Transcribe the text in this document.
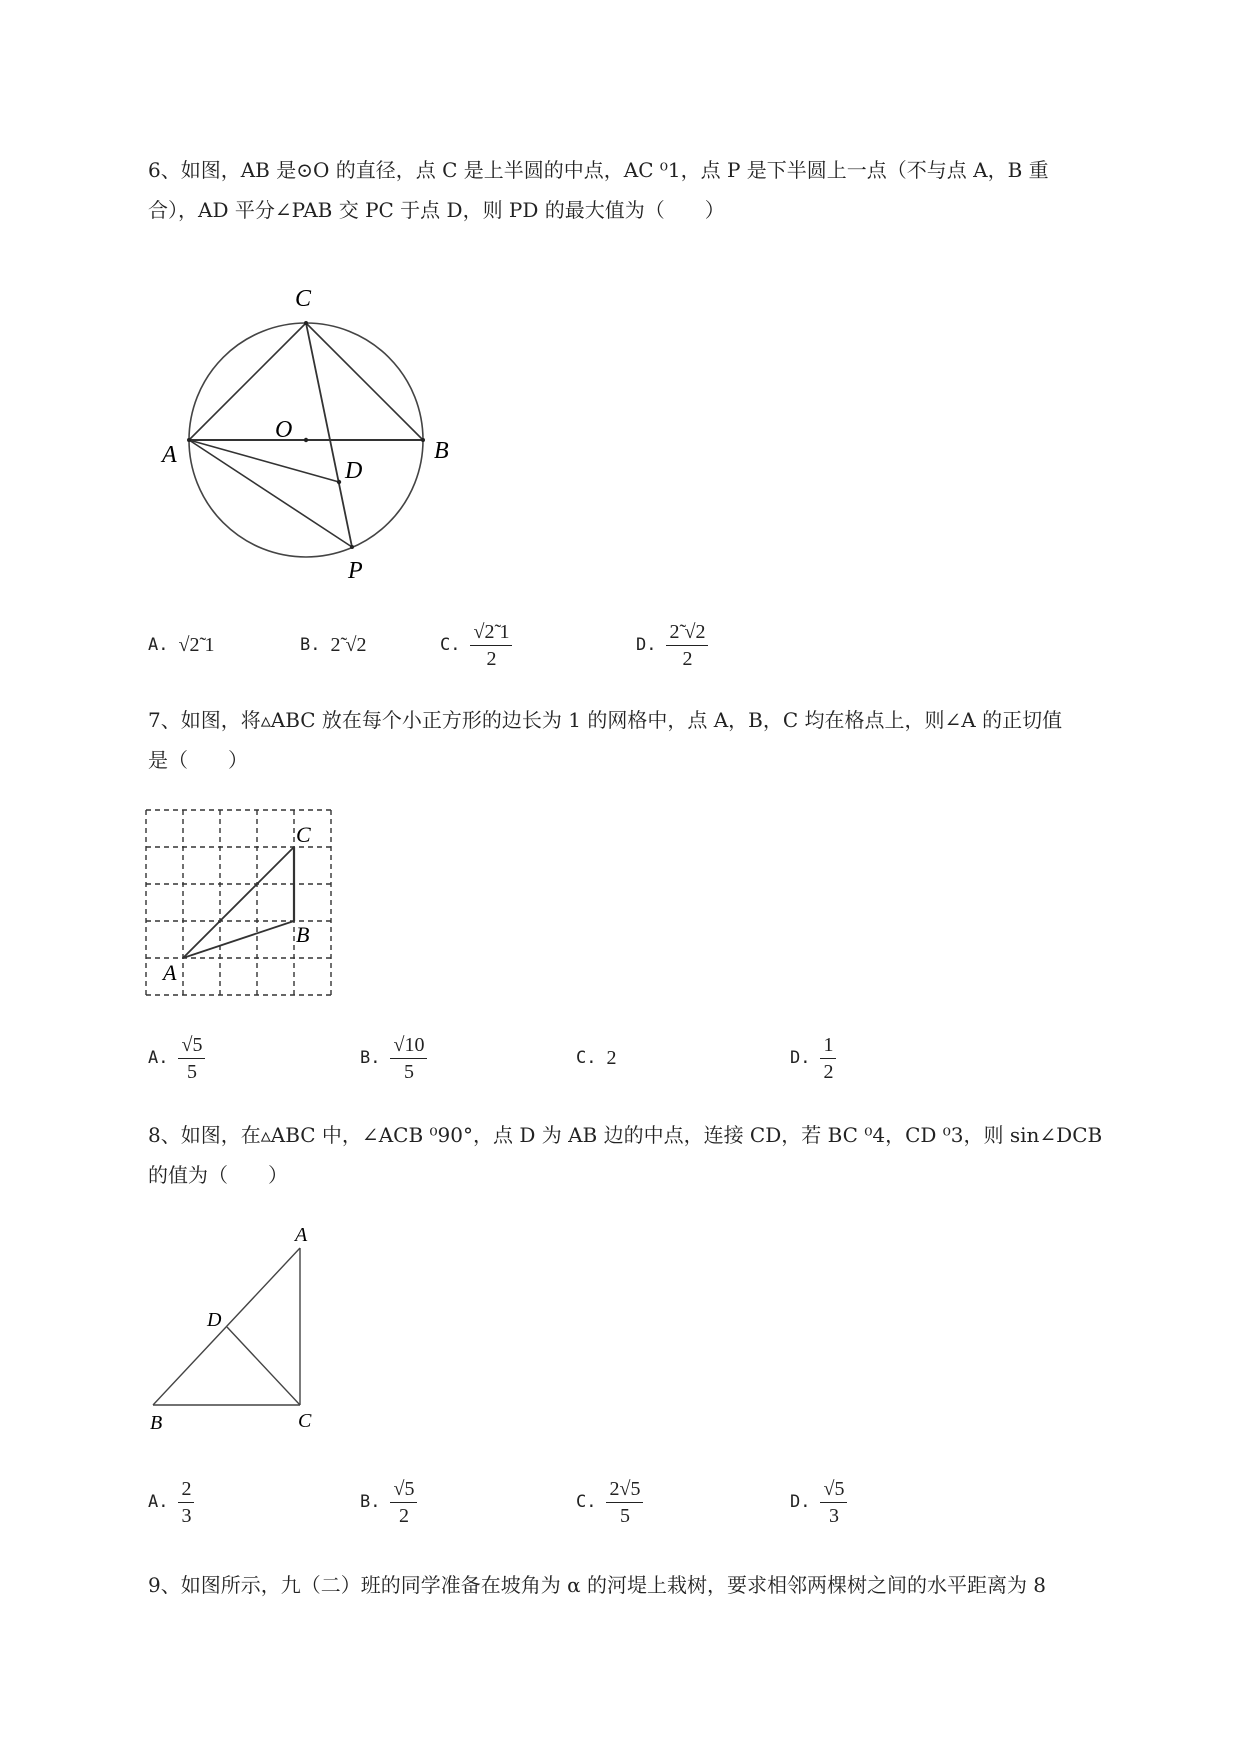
6、如图，AB 是⊙O 的直径，点 C 是上半圆的中点，AC ⁰1，点 P 是下半圆上一点（不与点 A，B 重
合），AD 平分∠PAB 交 PC 于点 D，则 PD 的最大值为（　　）
C
O
A	B
D
P
A. √2̃ 1	B. 2̃ √2	C. $\frac{√2̃ 1}{2}$	D. $\frac{2̃ √2}{2}$
7、如图，将▵ABC 放在每个小正方形的边长为 1 的网格中，点 A，B，C 均在格点上，则∠A 的正切值
是（　　）
C
B
A
A. $\frac{√5}{5}$	B. $\frac{√10}{5}$	C. 2	D. $\frac{1}{2}$
8、如图，在▵ABC 中，∠ACB ⁰90°，点 D 为 AB 边的中点，连接 CD，若 BC ⁰4，CD ⁰3，则 sin∠DCB
的值为（　　）
A
D
B	C
A. $\frac{2}{3}$	B. $\frac{√5}{2}$	C. $\frac{2√5}{5}$	D. $\frac{√5}{3}$
9、如图所示，九（二）班的同学准备在坡角为 α 的河堤上栽树，要求相邻两棵树之间的水平距离为 8
